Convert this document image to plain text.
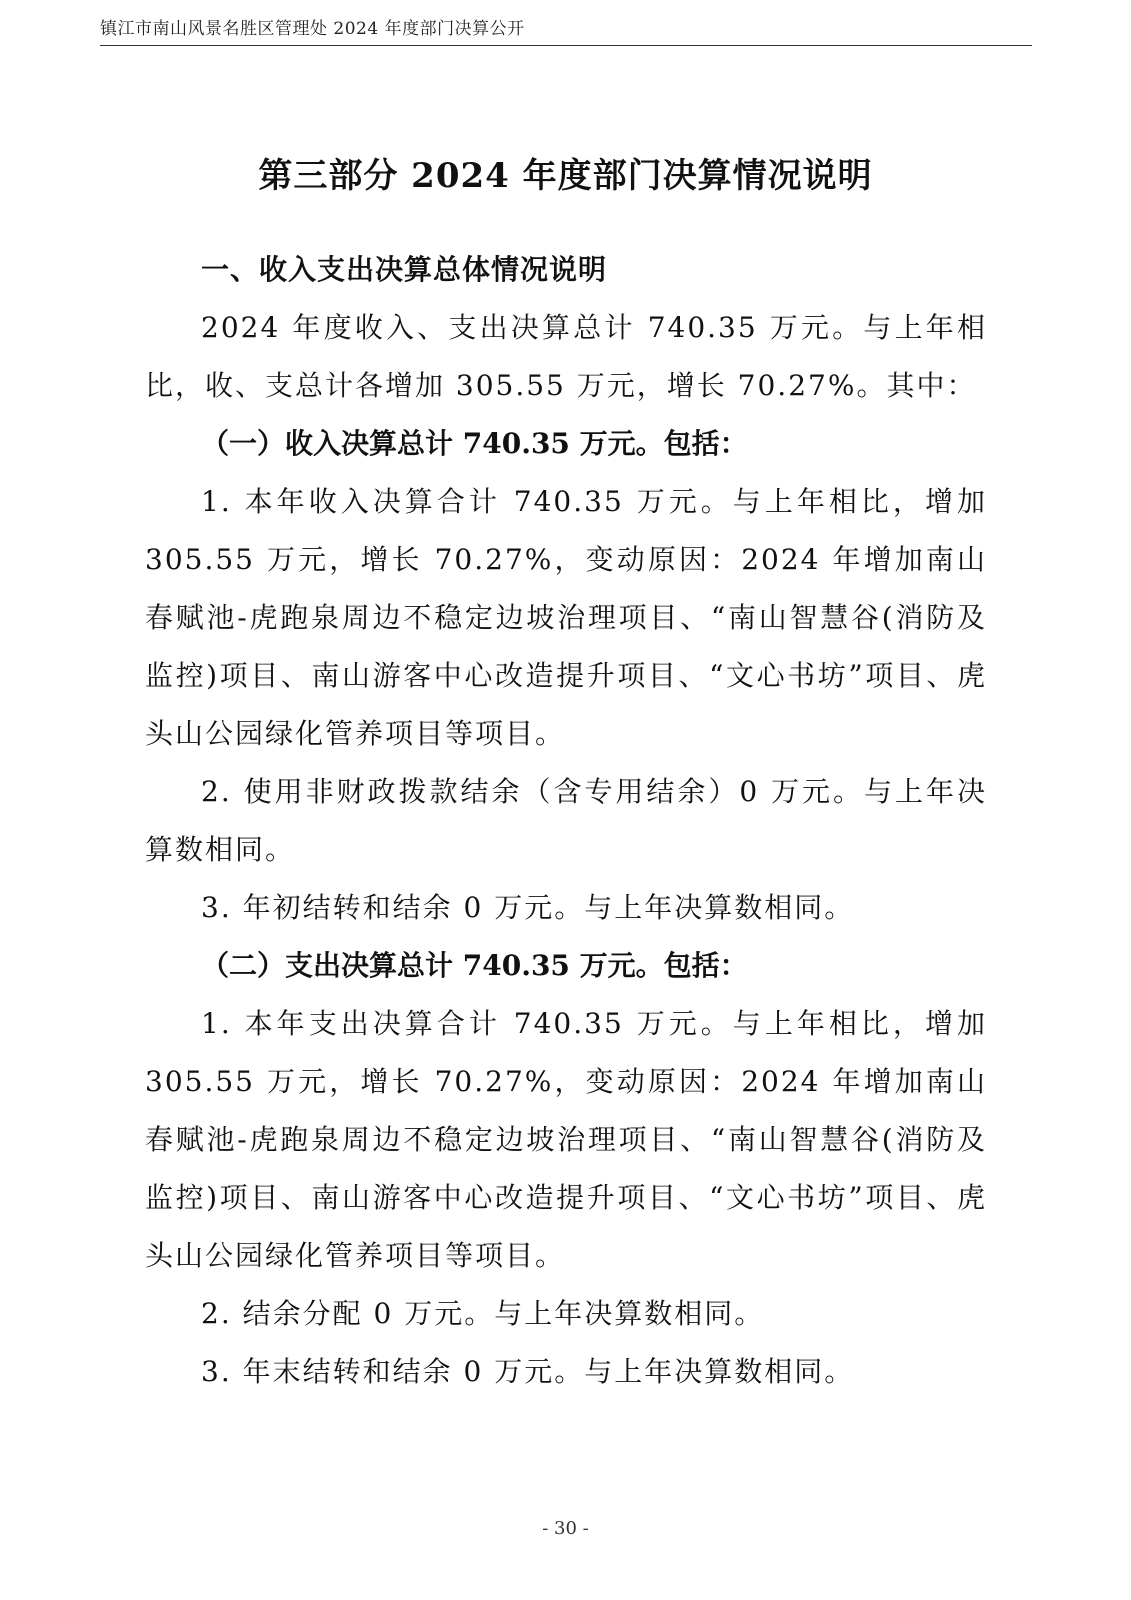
镇江市南山风景名胜区管理处 2024 年度部门决算公开
第三部分 2024 年度部门决算情况说明

一、收入支出决算总体情况说明

2024 年度收入、支出决算总计 740.35 万元。与上年相比，收、支总计各增加 305.55 万元，增长 70.27%。其中：

（一）收入决算总计 740.35 万元。包括：

1. 本年收入决算合计 740.35 万元。与上年相比，增加 305.55 万元，增长 70.27%，变动原因：2024 年增加南山春赋池-虎跑泉周边不稳定边坡治理项目、“南山智慧谷(消防及监控)项目、南山游客中心改造提升项目、“文心书坊”项目、虎头山公园绿化管养项目等项目。

2. 使用非财政拨款结余（含专用结余）0 万元。与上年决算数相同。

3. 年初结转和结余 0 万元。与上年决算数相同。

（二）支出决算总计 740.35 万元。包括：

1. 本年支出决算合计 740.35 万元。与上年相比，增加 305.55 万元，增长 70.27%，变动原因：2024 年增加南山春赋池-虎跑泉周边不稳定边坡治理项目、“南山智慧谷(消防及监控)项目、南山游客中心改造提升项目、“文心书坊”项目、虎头山公园绿化管养项目等项目。

2. 结余分配 0 万元。与上年决算数相同。

3. 年末结转和结余 0 万元。与上年决算数相同。

- 30 -
